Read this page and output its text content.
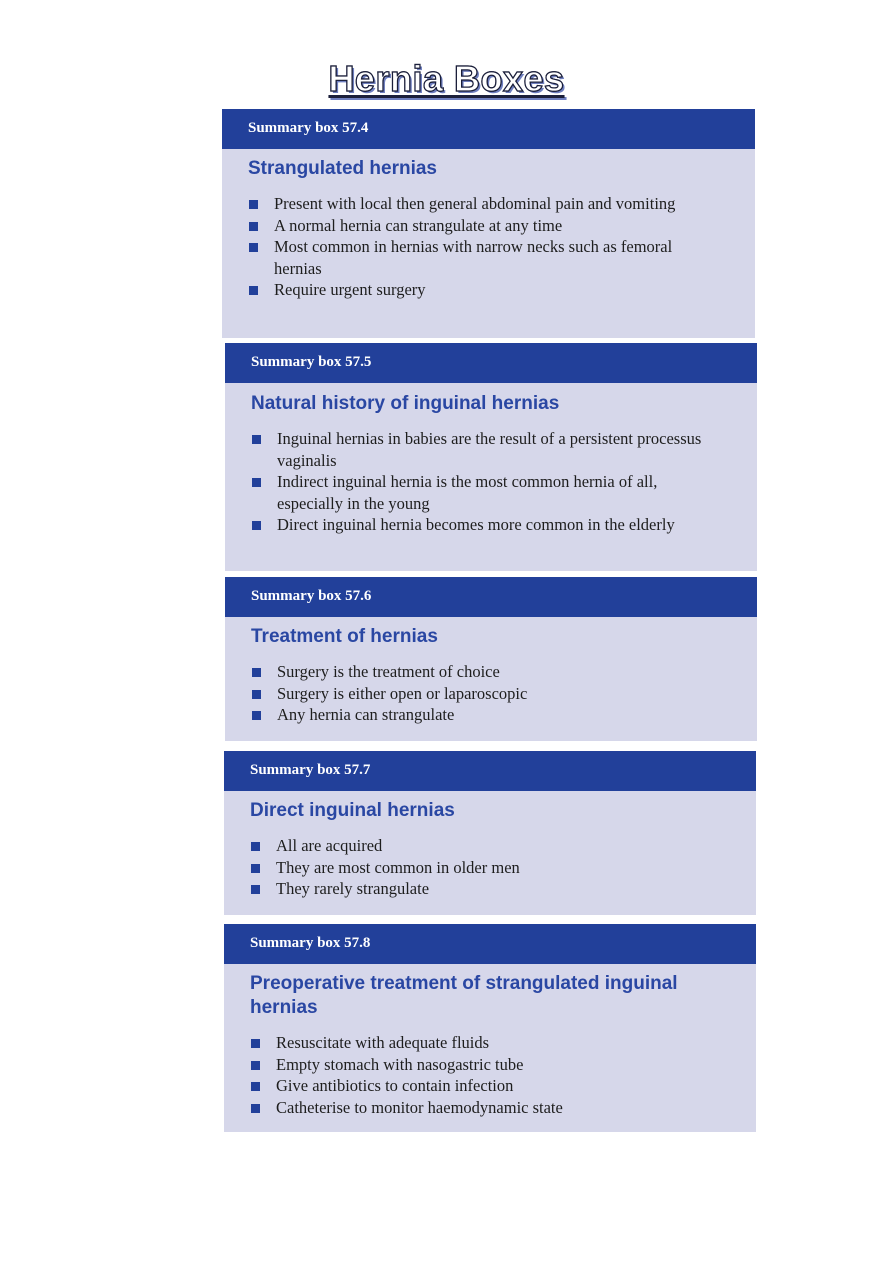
Hernia Boxes
Summary box 57.4
Strangulated hernias
Present with local then general abdominal pain and vomiting
A normal hernia can strangulate at any time
Most common in hernias with narrow necks such as femoral hernias
Require urgent surgery
Summary box 57.5
Natural history of inguinal hernias
Inguinal hernias in babies are the result of a persistent processus vaginalis
Indirect inguinal hernia is the most common hernia of all, especially in the young
Direct inguinal hernia becomes more common in the elderly
Summary box 57.6
Treatment of hernias
Surgery is the treatment of choice
Surgery is either open or laparoscopic
Any hernia can strangulate
Summary box 57.7
Direct inguinal hernias
All are acquired
They are most common in older men
They rarely strangulate
Summary box 57.8
Preoperative treatment of strangulated inguinal hernias
Resuscitate with adequate fluids
Empty stomach with nasogastric tube
Give antibiotics to contain infection
Catheterise to monitor haemodynamic state
